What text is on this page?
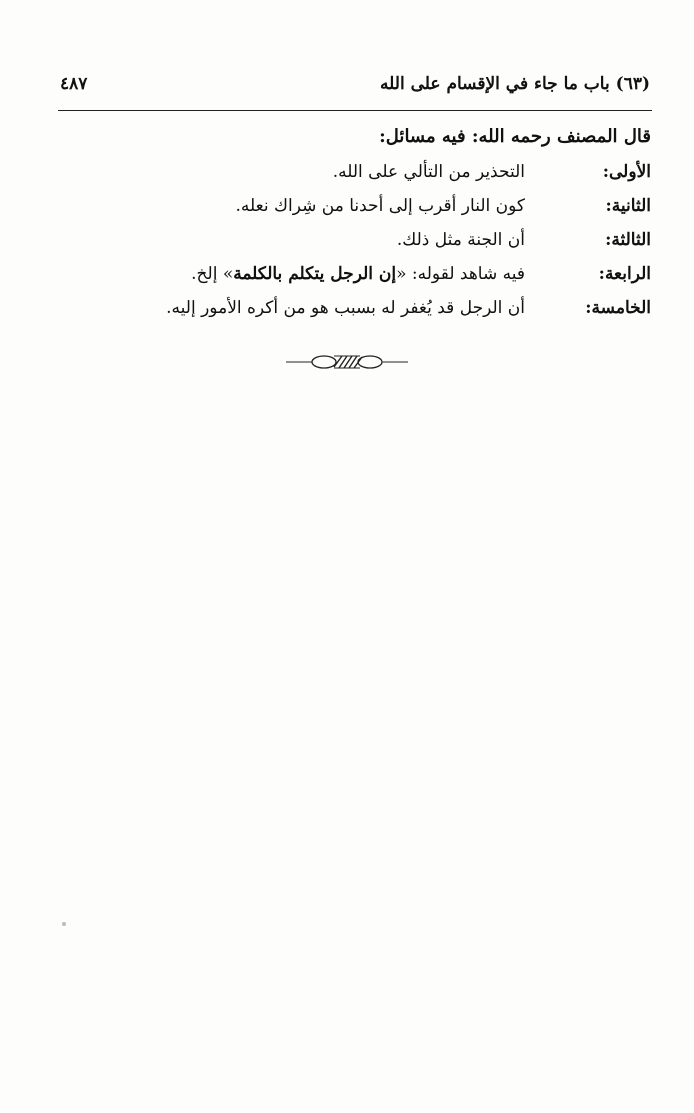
(٦٣) باب ما جاء في الإقسام على الله
٤٨٧
قال المصنف رحمه الله: فيه مسائل:
الأولى:
التحذير من التألي على الله.
الثانية:
كون النار أقرب إلى أحدنا من شِراك نعله.
الثالثة:
أن الجنة مثل ذلك.
الرابعة:
فيه شاهد لقوله: «إن الرجل يتكلم بالكلمة» إلخ.
الخامسة:
أن الرجل قد يُغفر له بسبب هو من أكره الأمور إليه.
